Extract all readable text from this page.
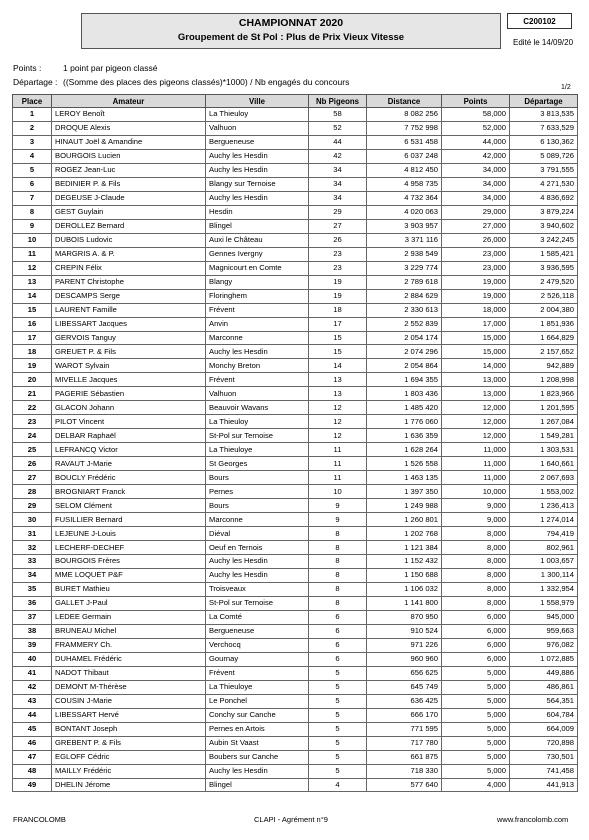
CHAMPIONNAT 2020
Groupement de St Pol : Plus de Prix Vieux Vitesse
C200102
Edité le 14/09/20
Points :	1 point par pigeon classé
Départage : ((Somme des places des pigeons classés)*1000) / Nb engagés du concours
1/2
Place	Amateur	Ville	Nb Pigeons	Distance	Points	Départage
1	LEROY Benoît	La Thieuloy	58	8 082 256	58,000	3 813,535
2	DROQUE Alexis	Valhuon	52	7 752 998	52,000	7 633,529
3	HINAUT Joël & Amandine	Bergueneuse	44	6 531 458	44,000	6 130,362
4	BOURGOIS Lucien	Auchy les Hesdin	42	6 037 248	42,000	5 089,726
5	ROGEZ Jean-Luc	Auchy les Hesdin	34	4 812 450	34,000	3 791,555
6	BEDINIER P. & Fils	Blangy sur Ternoise	34	4 958 735	34,000	4 271,530
7	DEGEUSE J-Claude	Auchy les Hesdin	34	4 732 364	34,000	4 836,692
8	GEST Guylain	Hesdin	29	4 020 063	29,000	3 879,224
9	DEROLLEZ Bernard	Blingel	27	3 903 957	27,000	3 940,602
10	DUBOIS Ludovic	Auxi le Château	26	3 371 116	26,000	3 242,245
11	MARGRIS A. & P.	Gennes Ivergny	23	2 938 549	23,000	1 585,421
12	CREPIN Félix	Magnicourt en Comte	23	3 229 774	23,000	3 936,595
13	PARENT Christophe	Blangy	19	2 789 618	19,000	2 479,520
14	DESCAMPS Serge	Floringhem	19	2 884 629	19,000	2 526,118
15	LAURENT Famille	Frévent	18	2 330 613	18,000	2 004,380
16	LIBESSART Jacques	Anvin	17	2 552 839	17,000	1 851,936
17	GERVOIS Tanguy	Marconne	15	2 054 174	15,000	1 664,829
18	GREUET P. & Fils	Auchy les Hesdin	15	2 074 296	15,000	2 157,652
19	WAROT Sylvain	Monchy Breton	14	2 054 864	14,000	942,889
20	MIVELLE Jacques	Frévent	13	1 694 355	13,000	1 208,998
21	PAGERIE Sébastien	Valhuon	13	1 803 436	13,000	1 823,966
22	GLACON Johann	Beauvoir Wavans	12	1 485 420	12,000	1 201,595
23	PILOT Vincent	La Thieuloy	12	1 776 060	12,000	1 267,084
24	DELBAR Raphaël	St-Pol sur Ternoise	12	1 636 359	12,000	1 549,281
25	LEFRANCQ Victor	La Thieuloye	11	1 628 264	11,000	1 303,531
26	RAVAUT J-Marie	St Georges	11	1 526 558	11,000	1 640,661
27	BOUCLY Frédéric	Bours	11	1 463 135	11,000	2 067,693
28	BROGNIART Franck	Pernes	10	1 397 350	10,000	1 553,002
29	SELOM Clément	Bours	9	1 249 988	9,000	1 236,413
30	FUSILLIER Bernard	Marconne	9	1 260 801	9,000	1 274,014
31	LEJEUNE J-Louis	Diéval	8	1 202 768	8,000	794,419
32	LECHERF-DECHEF	Oeuf en Ternois	8	1 121 384	8,000	802,961
33	BOURGOIS Frères	Auchy les Hesdin	8	1 152 432	8,000	1 003,657
34	MME LOQUET P&F	Auchy les Hesdin	8	1 150 688	8,000	1 300,114
35	BURET Mathieu	Troisveaux	8	1 106 032	8,000	1 332,954
36	GALLET J-Paul	St-Pol sur Ternoise	8	1 141 800	8,000	1 558,979
37	LEDEE Germain	La Comté	6	870 950	6,000	945,000
38	BRUNEAU Michel	Bergueneuse	6	910 524	6,000	959,663
39	FRAMMERY Ch.	Verchocq	6	971 226	6,000	976,082
40	DUHAMEL Frédéric	Gournay	6	960 960	6,000	1 072,885
41	NADOT Thibaut	Frévent	5	656 625	5,000	449,886
42	DEMONT M-Thérèse	La Thieuloye	5	645 749	5,000	486,861
43	COUSIN J-Marie	Le Ponchel	5	636 425	5,000	564,351
44	LIBESSART Hervé	Conchy sur Canche	5	666 170	5,000	604,784
45	BONTANT Joseph	Pernes en Artois	5	771 595	5,000	664,009
46	GREBENT P. & Fils	Aubin St Vaast	5	717 780	5,000	720,898
47	EGLOFF Cédric	Boubers sur Canche	5	661 875	5,000	730,501
48	MAILLY Frédéric	Auchy les Hesdin	5	718 330	5,000	741,458
49	DHELIN Jérome	Blingel	4	577 640	4,000	441,913
FRANCOLOMB	CLAPI - Agrément n°9	www.francolomb.com
